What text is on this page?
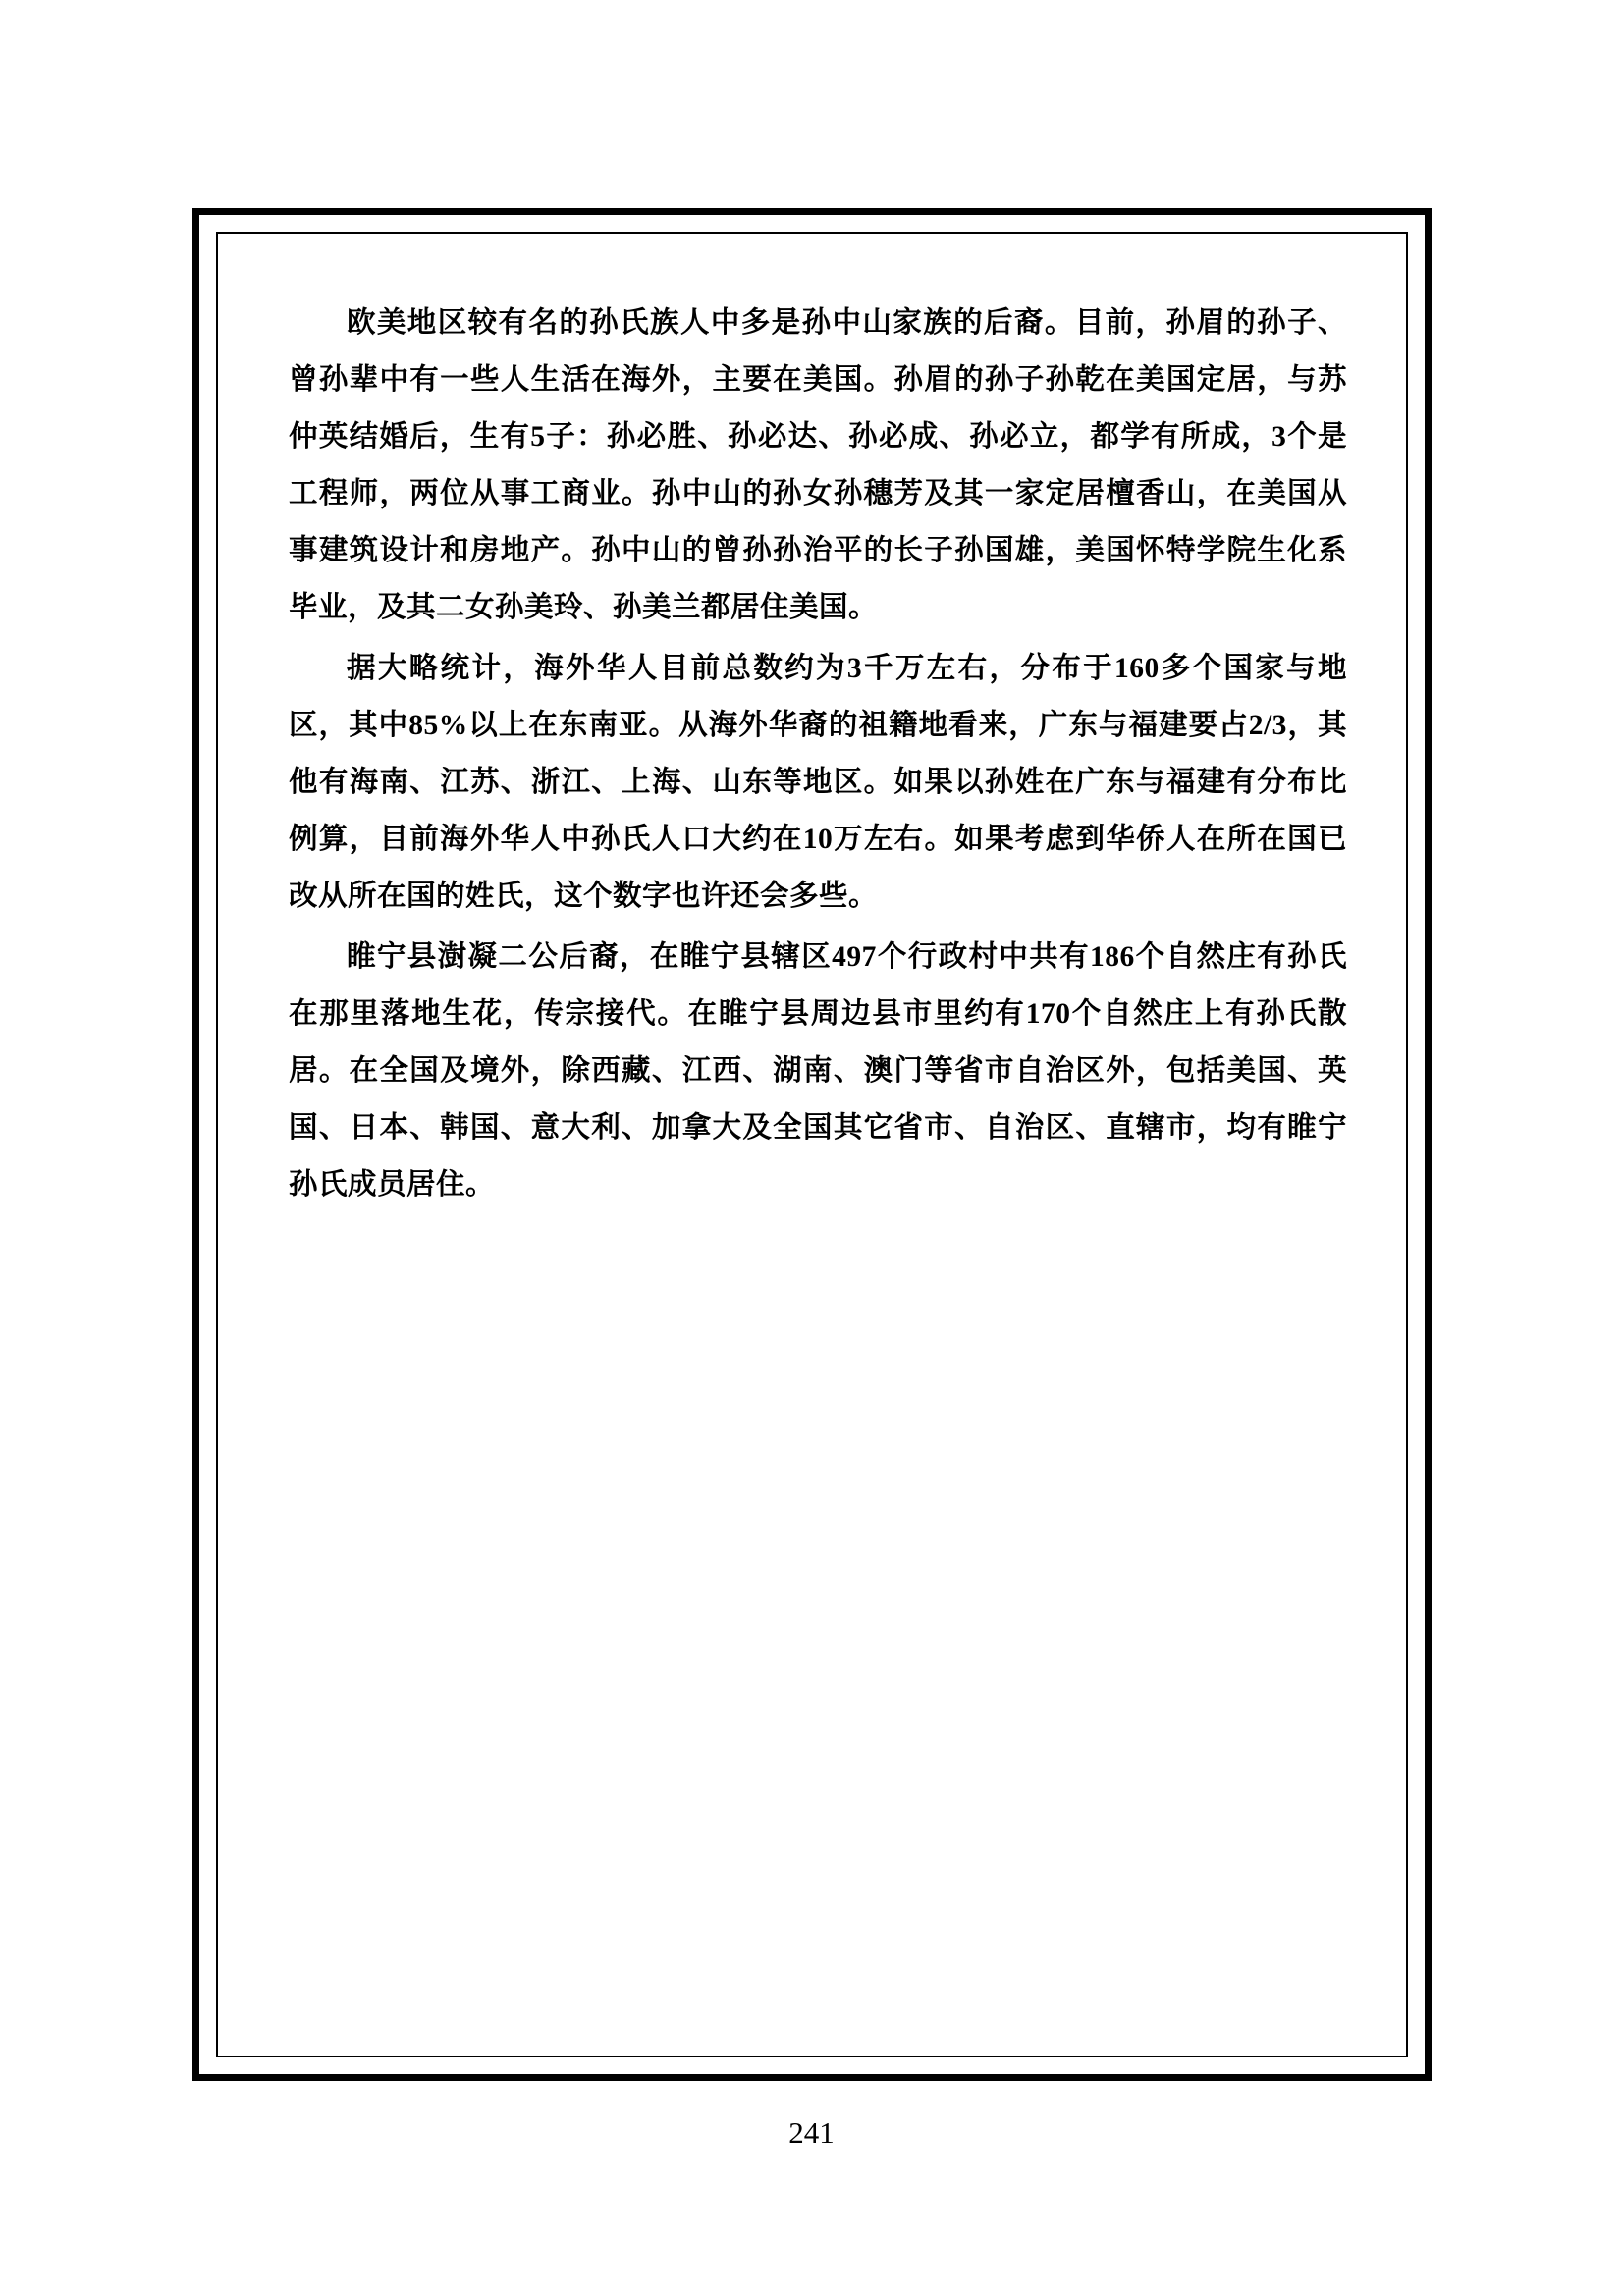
欧美地区较有名的孙氏族人中多是孙中山家族的后裔。目前，孙眉的孙子、曾孙辈中有一些人生活在海外，主要在美国。孙眉的孙子孙乾在美国定居，与苏仲英结婚后，生有5子：孙必胜、孙必达、孙必成、孙必立，都学有所成，3个是工程师，两位从事工商业。孙中山的孙女孙穗芳及其一家定居檀香山，在美国从事建筑设计和房地产。孙中山的曾孙孙治平的长子孙国雄，美国怀特学院生化系毕业，及其二女孙美玲、孙美兰都居住美国。

据大略统计，海外华人目前总数约为3千万左右，分布于160多个国家与地区，其中85%以上在东南亚。从海外华裔的祖籍地看来，广东与福建要占2/3，其他有海南、江苏、浙江、上海、山东等地区。如果以孙姓在广东与福建有分布比例算，目前海外华人中孙氏人口大约在10万左右。如果考虑到华侨人在所在国已改从所在国的姓氏，这个数字也许还会多些。

睢宁县澍凝二公后裔，在睢宁县辖区497个行政村中共有186个自然庄有孙氏在那里落地生花，传宗接代。在睢宁县周边县市里约有170个自然庄上有孙氏散居。在全国及境外，除西藏、江西、湖南、澳门等省市自治区外，包括美国、英国、日本、韩国、意大利、加拿大及全国其它省市、自治区、直辖市，均有睢宁孙氏成员居住。

241
